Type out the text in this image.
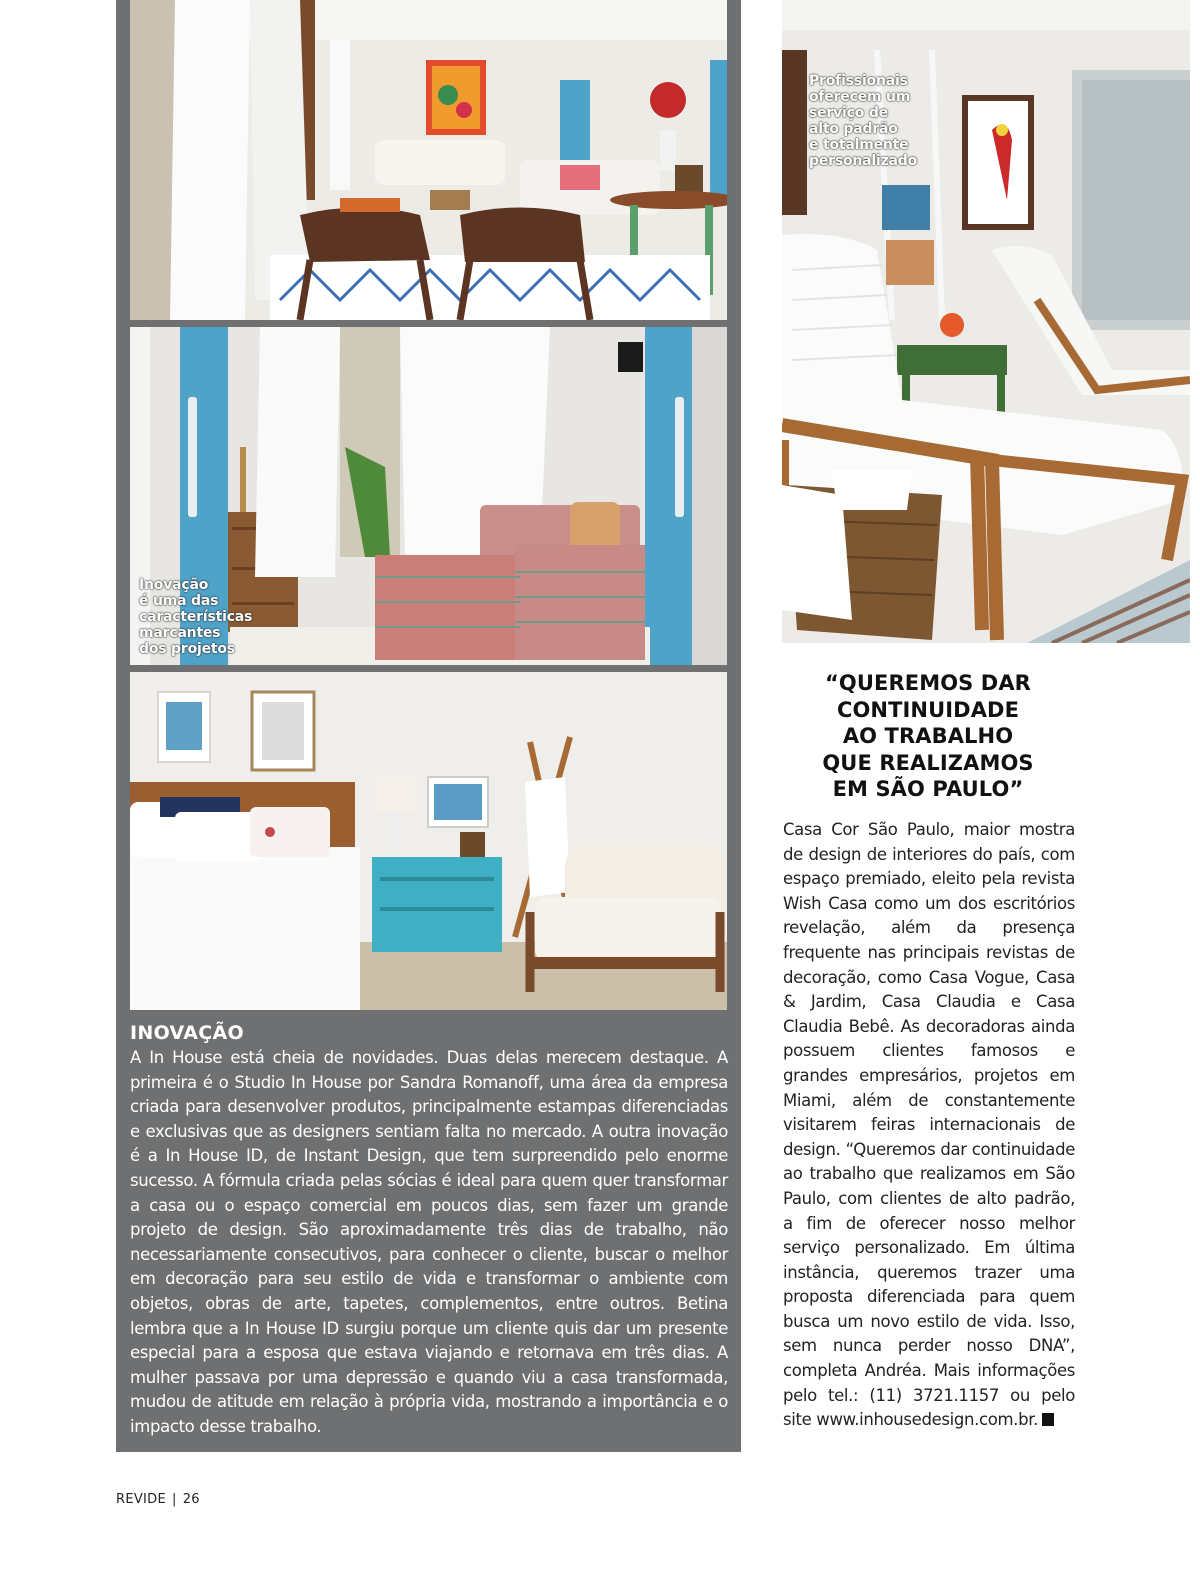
Inovação
é uma das
características
marcantes
dos projetos
INOVAÇÃO

A In House está cheia de novidades. Duas delas merecem destaque. A primeira é o Studio In House por Sandra Romanoff, uma área da empresa criada para desenvolver produtos, principalmente estampas diferenciadas e exclusivas que as designers sentiam falta no mercado. A outra inovação é a In House ID, de Instant Design, que tem surpreendido pelo enorme sucesso. A fórmula criada pelas sócias é ideal para quem quer transformar a casa ou o espaço comercial em poucos dias, sem fazer um grande projeto de design. São aproximadamente três dias de trabalho, não necessariamente consecutivos, para conhecer o cliente, buscar o melhor em decoração para seu estilo de vida e transformar o ambiente com objetos, obras de arte, tapetes, complementos, entre outros. Betina lembra que a In House ID surgiu porque um cliente quis dar um presente especial para a esposa que estava viajando e retornava em três dias. A mulher passava por uma depressão e quando viu a casa transformada, mudou de atitude em relação à própria vida, mostrando a importância e o impacto desse trabalho.

Profissionais
oferecem um
serviço de
alto padrão
e totalmente
personalizado
“QUEREMOS DAR
CONTINUIDADE
AO TRABALHO
QUE REALIZAMOS
EM SÃO PAULO”

Casa Cor São Paulo, maior mostra de design de interiores do país, com espaço premiado, eleito pela revista Wish Casa como um dos escritórios revelação, além da presença frequente nas principais revistas de decoração, como Casa Vogue, Casa & Jardim, Casa Claudia e Casa Claudia Bebê. As decoradoras ainda possuem clientes famosos e grandes empresários, projetos em Miami, além de constantemente visitarem feiras internacionais de design. “Queremos dar continuidade ao trabalho que realizamos em São Paulo, com clientes de alto padrão, a fim de oferecer nosso melhor serviço personalizado. Em última instância, queremos trazer uma proposta diferenciada para quem busca um novo estilo de vida. Isso, sem nunca perder nosso DNA”, completa Andréa. Mais informações pelo tel.: (11) 3721.1157 ou pelo site www.inhousedesign.com.br.

REVIDE | 26
